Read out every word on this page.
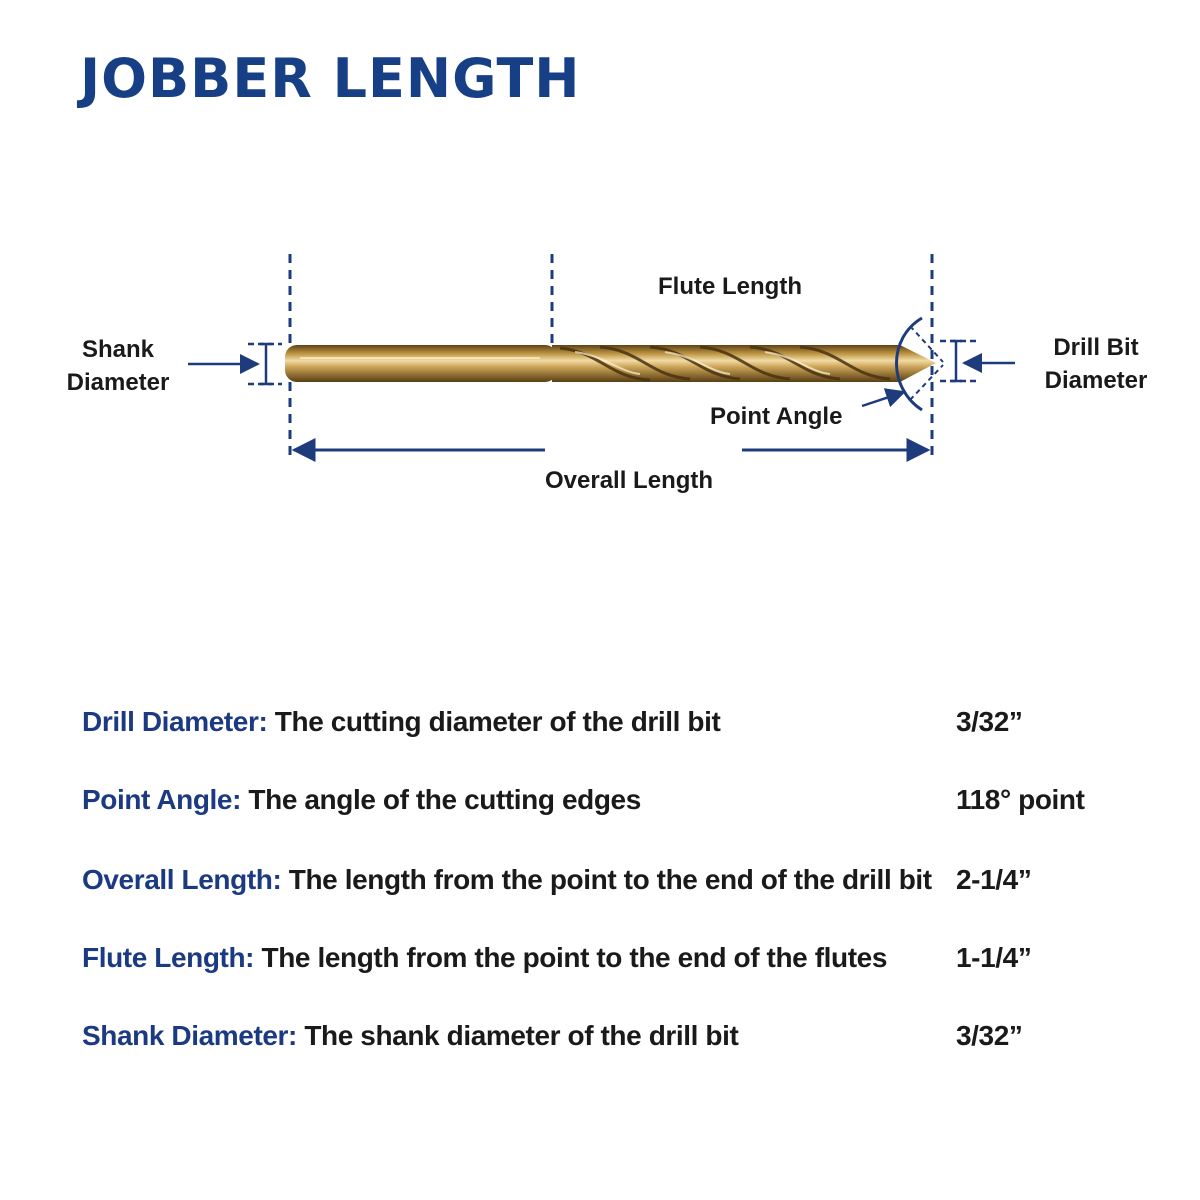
JOBBER LENGTH
Flute Length
Shank
Diameter
Drill Bit
Diameter
Point Angle
Overall Length
Drill Diameter: The cutting diameter of the drill bit	3/32”
Point Angle: The angle of the cutting edges	118° point
Overall Length: The length from the point to the end of the drill bit 2-1/4”
Flute Length: The length from the point to the end of the flutes 1-1/4”
Shank Diameter: The shank diameter of the drill bit	3/32”
